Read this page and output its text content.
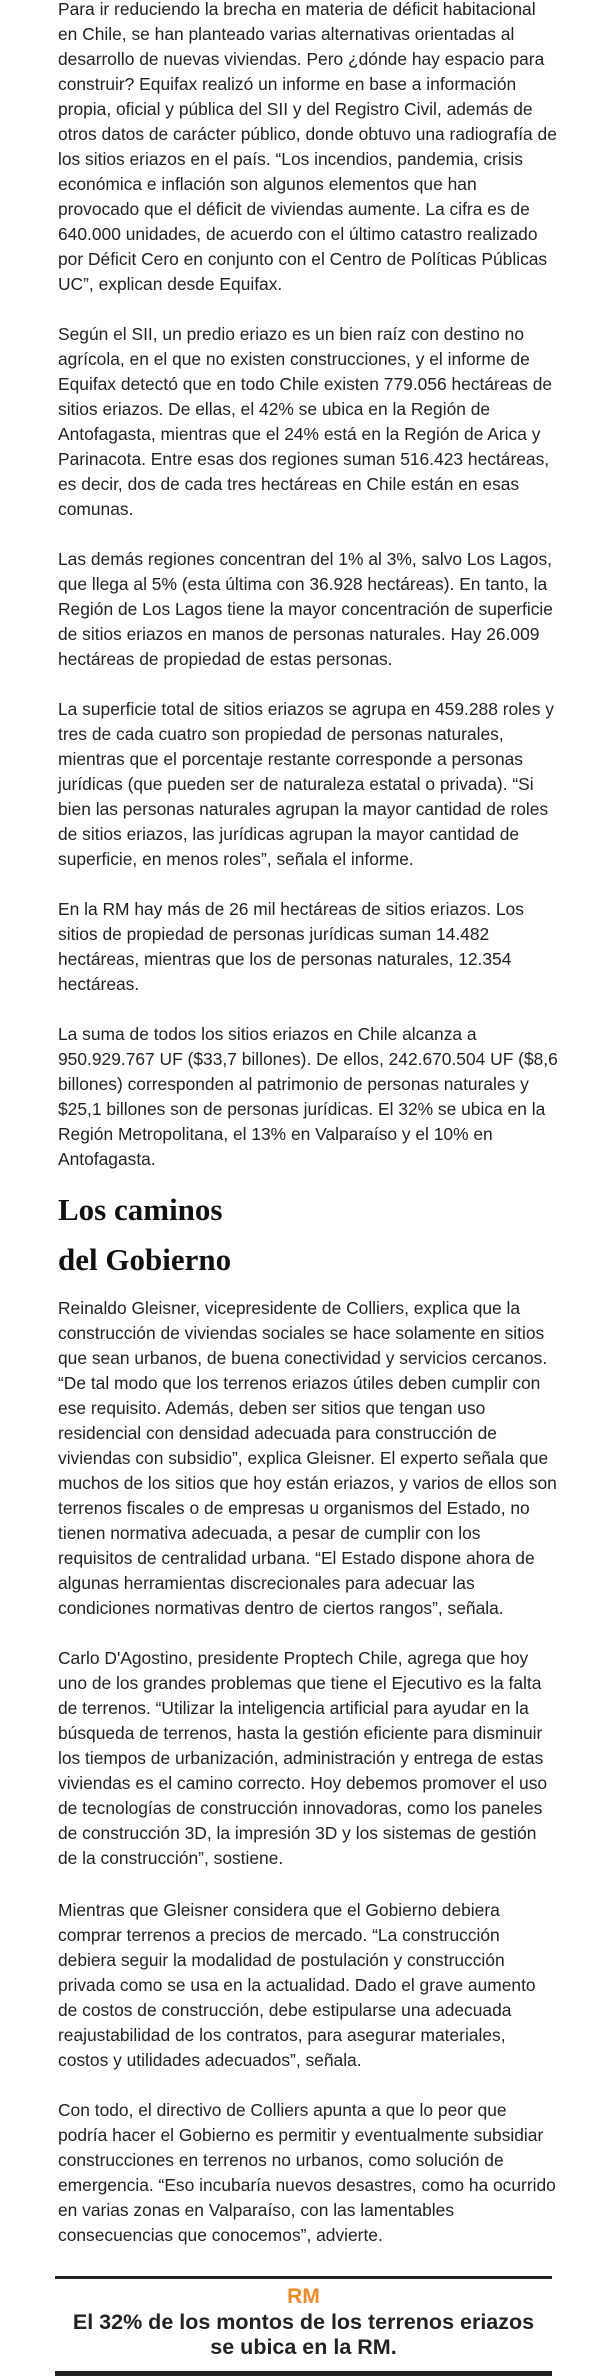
Para ir reduciendo la brecha en materia de déficit habitacional en Chile, se han planteado varias alternativas orientadas al desarrollo de nuevas viviendas. Pero ¿dónde hay espacio para construir? Equifax realizó un informe en base a información propia, oficial y pública del SII y del Registro Civil, además de otros datos de carácter público, donde obtuvo una radiografía de los sitios eriazos en el país. “Los incendios, pandemia, crisis económica e inflación son algunos elementos que han provocado que el déficit de viviendas aumente. La cifra es de 640.000 unidades, de acuerdo con el último catastro realizado por Déficit Cero en conjunto con el Centro de Políticas Públicas UC”, explican desde Equifax.

Según el SII, un predio eriazo es un bien raíz con destino no agrícola, en el que no existen construcciones, y el informe de Equifax detectó que en todo Chile existen 779.056 hectáreas de sitios eriazos. De ellas, el 42% se ubica en la Región de Antofagasta, mientras que el 24% está en la Región de Arica y Parinacota. Entre esas dos regiones suman 516.423 hectáreas, es decir, dos de cada tres hectáreas en Chile están en esas comunas.

Las demás regiones concentran del 1% al 3%, salvo Los Lagos, que llega al 5% (esta última con 36.928 hectáreas). En tanto, la Región de Los Lagos tiene la mayor concentración de superficie de sitios eriazos en manos de personas naturales. Hay 26.009 hectáreas de propiedad de estas personas.

La superficie total de sitios eriazos se agrupa en 459.288 roles y tres de cada cuatro son propiedad de personas naturales, mientras que el porcentaje restante corresponde a personas jurídicas (que pueden ser de naturaleza estatal o privada). “Si bien las personas naturales agrupan la mayor cantidad de roles de sitios eriazos, las jurídicas agrupan la mayor cantidad de superficie, en menos roles”, señala el informe.

En la RM hay más de 26 mil hectáreas de sitios eriazos. Los sitios de propiedad de personas jurídicas suman 14.482 hectáreas, mientras que los de personas naturales, 12.354 hectáreas.

La suma de todos los sitios eriazos en Chile alcanza a 950.929.767 UF ($33,7 billones). De ellos, 242.670.504 UF ($8,6 billones) corresponden al patrimonio de personas naturales y $25,1 billones son de personas jurídicas. El 32% se ubica en la Región Metropolitana, el 13% en Valparaíso y el 10% en Antofagasta.

Los caminos
del Gobierno

Reinaldo Gleisner, vicepresidente de Colliers, explica que la construcción de viviendas sociales se hace solamente en sitios que sean urbanos, de buena conectividad y servicios cercanos. “De tal modo que los terrenos eriazos útiles deben cumplir con ese requisito. Además, deben ser sitios que tengan uso residencial con densidad adecuada para construcción de viviendas con subsidio”, explica Gleisner. El experto señala que muchos de los sitios que hoy están eriazos, y varios de ellos son terrenos fiscales o de empresas u organismos del Estado, no tienen normativa adecuada, a pesar de cumplir con los requisitos de centralidad urbana. “El Estado dispone ahora de algunas herramientas discrecionales para adecuar las condiciones normativas dentro de ciertos rangos”, señala.

Carlo D'Agostino, presidente Proptech Chile, agrega que hoy uno de los grandes problemas que tiene el Ejecutivo es la falta de terrenos. “Utilizar la inteligencia artificial para ayudar en la búsqueda de terrenos, hasta la gestión eficiente para disminuir los tiempos de urbanización, administración y entrega de estas viviendas es el camino correcto. Hoy debemos promover el uso de tecnologías de construcción innovadoras, como los paneles de construcción 3D, la impresión 3D y los sistemas de gestión de la construcción”, sostiene.

Mientras que Gleisner considera que el Gobierno debiera comprar terrenos a precios de mercado. “La construcción debiera seguir la modalidad de postulación y construcción privada como se usa en la actualidad. Dado el grave aumento de costos de construcción, debe estipularse una adecuada reajustabilidad de los contratos, para asegurar materiales, costos y utilidades adecuados”, señala.

Con todo, el directivo de Colliers apunta a que lo peor que podría hacer el Gobierno es permitir y eventualmente subsidiar construcciones en terrenos no urbanos, como solución de emergencia. “Eso incubaría nuevos desastres, como ha ocurrido en varias zonas en Valparaíso, con las lamentables consecuencias que conocemos”, advierte.

RM
El 32% de los montos de los terrenos eriazos se ubica en la RM.
